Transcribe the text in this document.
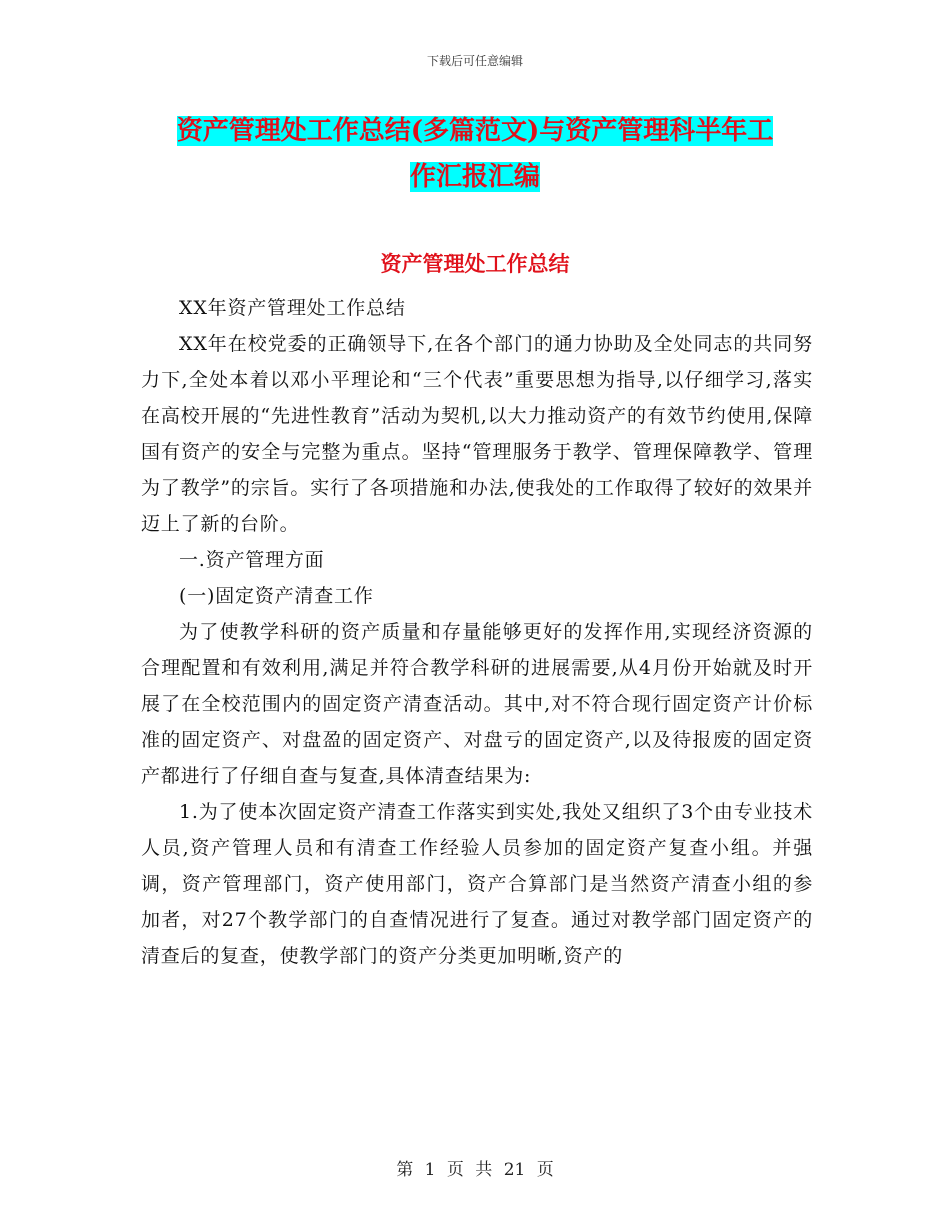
下载后可任意编辑
资产管理处工作总结(多篇范文)与资产管理科半年工
作汇报汇编
资产管理处工作总结

XX年资产管理处工作总结

XX年在校党委的正确领导下,在各个部门的通力协助及全处同志的共同努力下,全处本着以邓小平理论和“三个代表”重要思想为指导,以仔细学习,落实在高校开展的“先进性教育”活动为契机,以大力推动资产的有效节约使用,保障国有资产的安全与完整为重点。坚持“管理服务于教学、管理保障教学、管理为了教学”的宗旨。实行了各项措施和办法,使我处的工作取得了较好的效果并迈上了新的台阶。

一.资产管理方面

(一)固定资产清查工作

为了使教学科研的资产质量和存量能够更好的发挥作用,实现经济资源的合理配置和有效利用,满足并符合教学科研的进展需要,从4月份开始就及时开展了在全校范围内的固定资产清查活动。其中,对不符合现行固定资产计价标准的固定资产、对盘盈的固定资产、对盘亏的固定资产,以及待报废的固定资产都进行了仔细自查与复查,具体清查结果为:

1.为了使本次固定资产清查工作落实到实处,我处又组织了3个由专业技术人员,资产管理人员和有清查工作经验人员参加的固定资产复查小组。并强调，资产管理部门，资产使用部门，资产合算部门是当然资产清查小组的参加者，对27个教学部门的自查情况进行了复查。通过对教学部门固定资产的清查后的复查，使教学部门的资产分类更加明晰,资产的

第 1 页 共 21 页
